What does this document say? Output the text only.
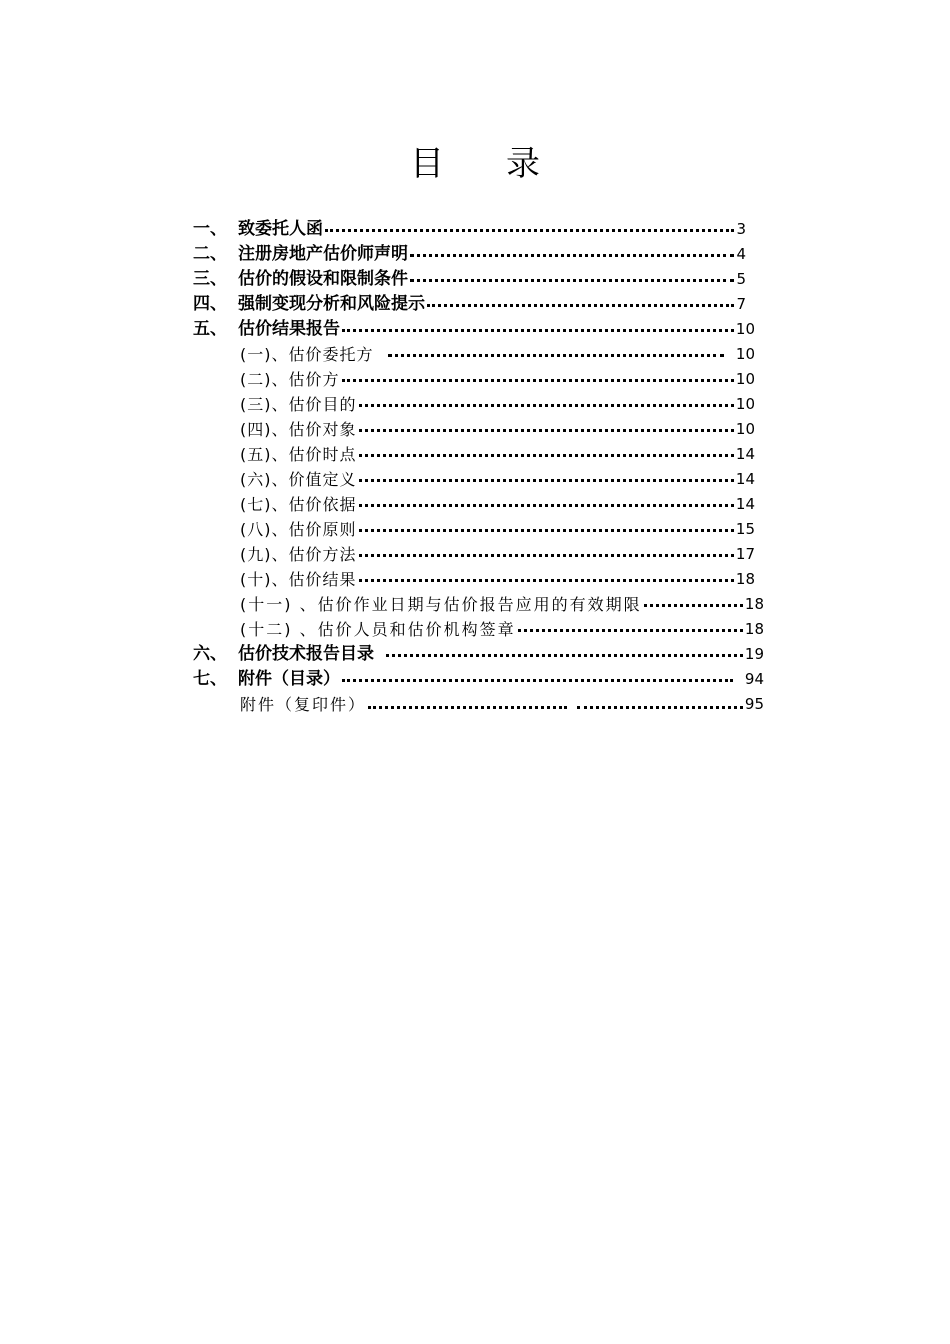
目 录
一、 致委托人函	3
二、 注册房地产估价师声明	4
三、 估价的假设和限制条件	5
四、 强制变现分析和风险提示	7
五、 估价结果报告	10
(一)、估价委托方	10
(二)、估价方	10
(三)、估价目的	10
(四)、估价对象	10
(五)、估价时点	14
(六)、价值定义	14
(七)、估价依据	14
(八)、估价原则	15
(九)、估价方法	17
(十)、估价结果	18
(十一) 、估价作业日期与估价报告应用的有效期限	18
(十二) 、估价人员和估价机构签章	18
六、 估价技术报告目录	19
七、 附件（目录）	94
附件（复印件）	95
